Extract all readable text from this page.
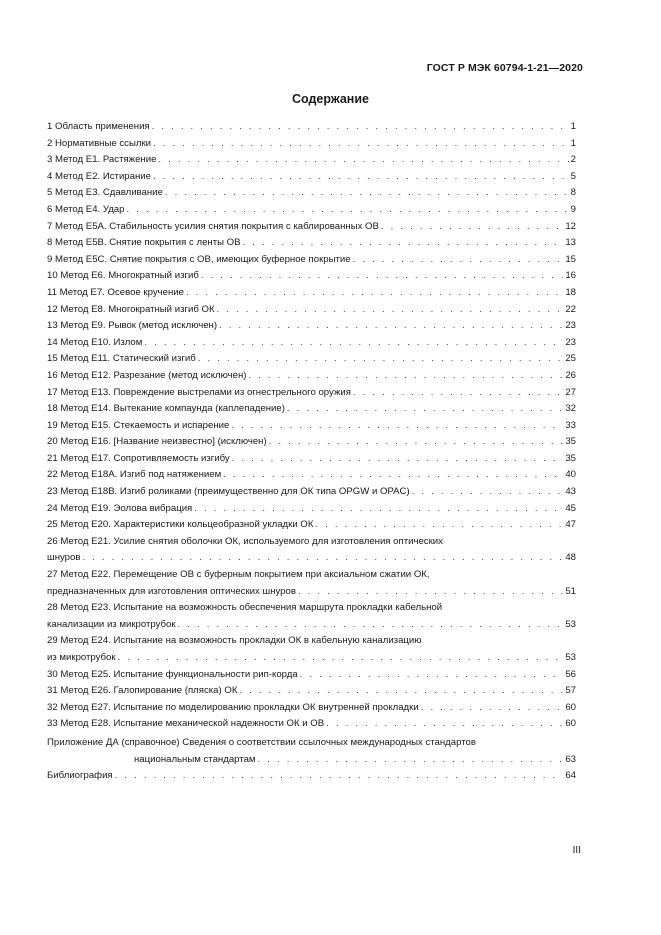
ГОСТ Р МЭК 60794-1-21—2020
Содержание
1 Область применения . . .	1
2 Нормативные ссылки . . .	1
3 Метод E1. Растяжение . . .	2
4 Метод E2. Истирание . . .	5
5 Метод E3. Сдавливание . . .	8
6 Метод E4. Удар . . .	9
7 Метод E5A. Стабильность усилия снятия покрытия с каблированных ОВ . . .	12
8 Метод E5B. Снятие покрытия с ленты ОВ . . .	13
9 Метод E5C. Снятие покрытия с ОВ, имеющих буферное покрытие . . .	15
10 Метод E6. Многократный изгиб . . .	16
11 Метод E7. Осевое кручение . . .	18
12 Метод E8. Многократный изгиб ОК . . .	22
13 Метод E9. Рывок (метод исключен) . . .	23
14 Метод E10. Излом . . .	23
15 Метод E11. Статический изгиб . . .	25
16 Метод E12. Разрезание (метод исключен) . . .	26
17 Метод E13. Повреждение выстрелами из огнестрельного оружия . . .	27
18 Метод E14. Вытекание компаунда (каплепадение) . . .	32
19 Метод E15. Стекаемость и испарение . . .	33
20 Метод E16. [Название неизвестно] (исключен) . . .	35
21 Метод E17. Сопротивляемость изгибу . . .	35
22 Метод E18A. Изгиб под натяжением . . .	40
23 Метод E18B. Изгиб роликами (преимущественно для ОК типа OPGW и OPAC) . . .	43
24 Метод E19. Эолова вибрация . . .	45
25 Метод E20. Характеристики кольцеобразной укладки ОК . . .	47
26 Метод E21. Усилие снятия оболочки ОК, используемого для изготовления оптических
шнуров . . .	48
27 Метод E22. Перемещение ОВ с буферным покрытием при аксиальном сжатии ОК,
предназначенных для изготовления оптических шнуров . . .	51
28 Метод E23. Испытание на возможность обеспечения маршрута прокладки кабельной
канализации из микротрубок . . .	53
29 Метод E24. Испытание на возможность прокладки ОК в кабельную канализацию
из микротрубок . . .	53
30 Метод E25. Испытание функциональности рип-корда . . .	56
31 Метод E26. Галопирование (пляска) ОК . . .	57
32 Метод E27. Испытание по моделированию прокладки ОК внутренней прокладки . . .	60
33 Метод E28. Испытание механической надежности ОК и ОВ . . .	60
Приложение ДА (справочное) Сведения о соответствии ссылочных международных стандартов
национальным стандартам . . .	63
Библиография . . .	64
III
